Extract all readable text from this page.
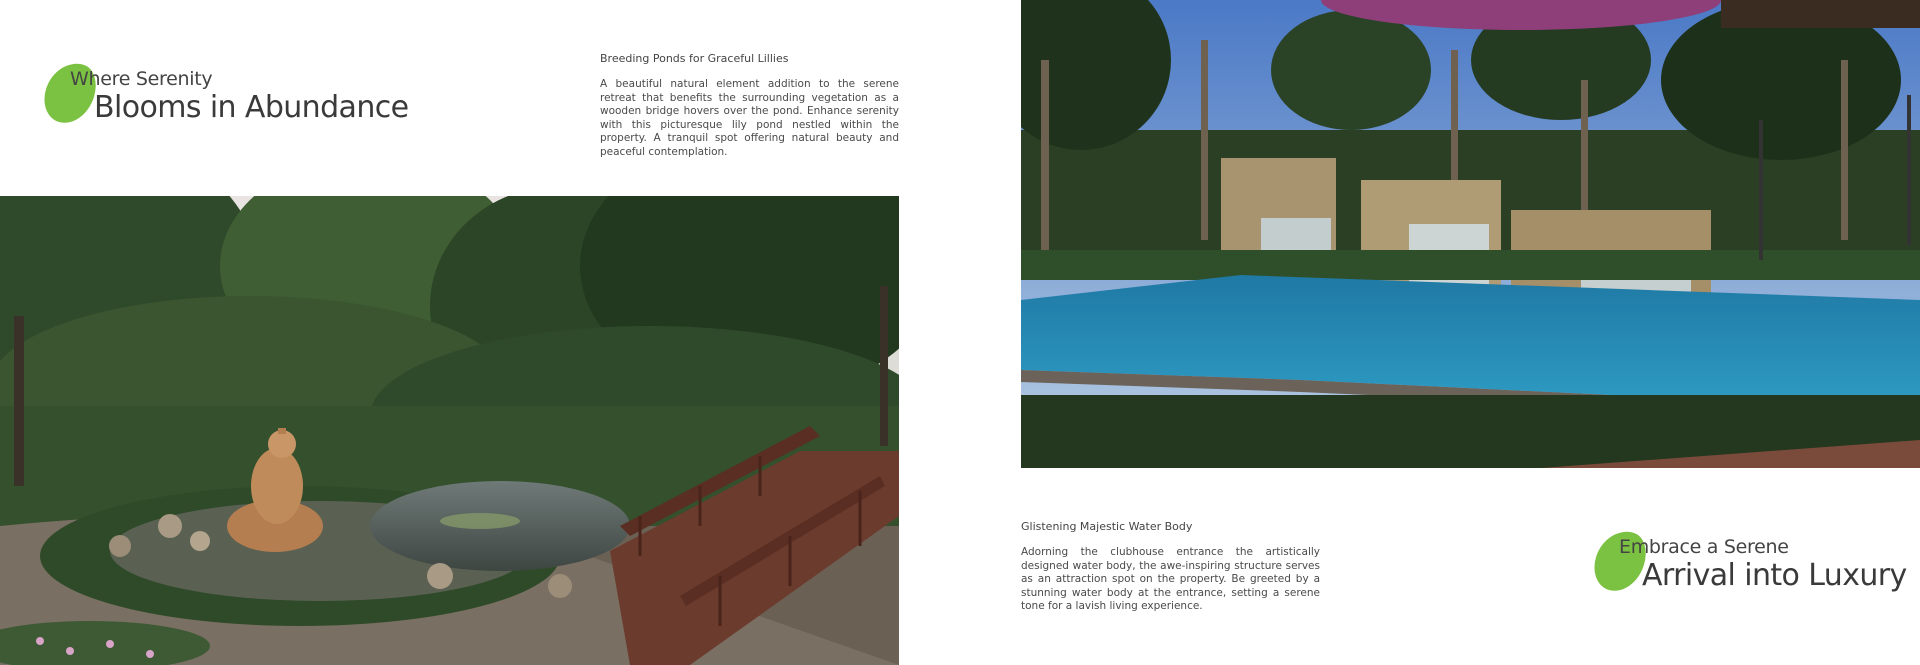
Where Serenity
Blooms in Abundance
Breeding Ponds for Graceful Lillies
A beautiful natural element addition to the serene retreat that benefits the surrounding vegetation as a wooden bridge hovers over the pond. Enhance serenity with this picturesque lily pond nestled within the property. A tranquil spot offering natural beauty and peaceful contemplation.
Glistening Majestic Water Body
Adorning the clubhouse entrance the artistically designed water body, the awe-inspiring structure serves as an attraction spot on the property. Be greeted by a stunning water body at the entrance, setting a serene tone for a lavish living experience.
Embrace a Serene
Arrival into Luxury
